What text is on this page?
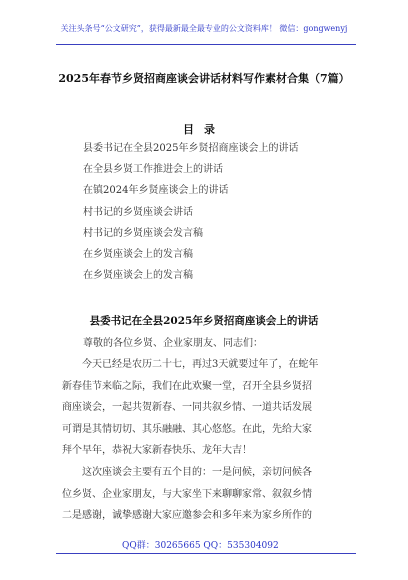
关注头条号“公文研究”，获得最新最全最专业的公文资料库！ 微信：gongwenyj
2025年春节乡贤招商座谈会讲话材料写作素材合集（7篇）
目录
县委书记在全县2025年乡贤招商座谈会上的讲话
在全县乡贤工作推进会上的讲话
在镇2024年乡贤座谈会上的讲话
村书记的乡贤座谈会讲话
村书记的乡贤座谈会发言稿
在乡贤座谈会上的发言稿
在乡贤座谈会上的发言稿
县委书记在全县2025年乡贤招商座谈会上的讲话
尊敬的各位乡贤、企业家朋友、同志们：
今天已经是农历二十七，再过3天就要过年了，在蛇年
新春佳节来临之际，我们在此欢聚一堂，召开全县乡贤招
商座谈会，一起共贺新春、一同共叙乡情、一道共话发展
可谓是其情切切、其乐融融、其心悠悠。在此，先给大家
拜个早年，恭祝大家新春快乐、龙年大吉！
这次座谈会主要有五个目的：一是问候，亲切问候各
位乡贤、企业家朋友，与大家坐下来聊聊家常、叙叙乡情
二是感谢，诚挚感谢大家应邀参会和多年来为家乡所作的
QQ群：30265665 QQ：535304092
